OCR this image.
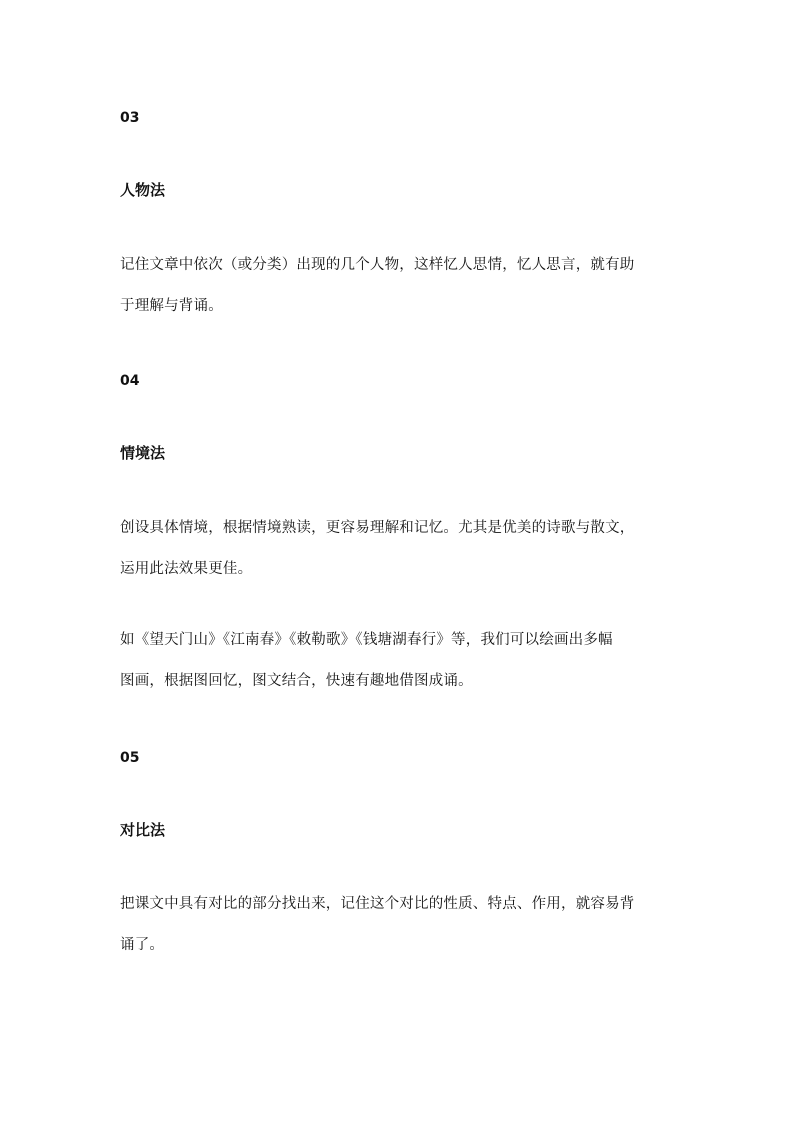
03
人物法
记住文章中依次（或分类）出现的几个人物，这样忆人思情，忆人思言，就有助
于理解与背诵。
04
情境法
创设具体情境，根据情境熟读，更容易理解和记忆。尤其是优美的诗歌与散文，
运用此法效果更佳。
如《望天门山》《江南春》《敕勒歌》《钱塘湖春行》等，我们可以绘画出多幅
图画，根据图回忆，图文结合，快速有趣地借图成诵。
05
对比法
把课文中具有对比的部分找出来，记住这个对比的性质、特点、作用，就容易背
诵了。
